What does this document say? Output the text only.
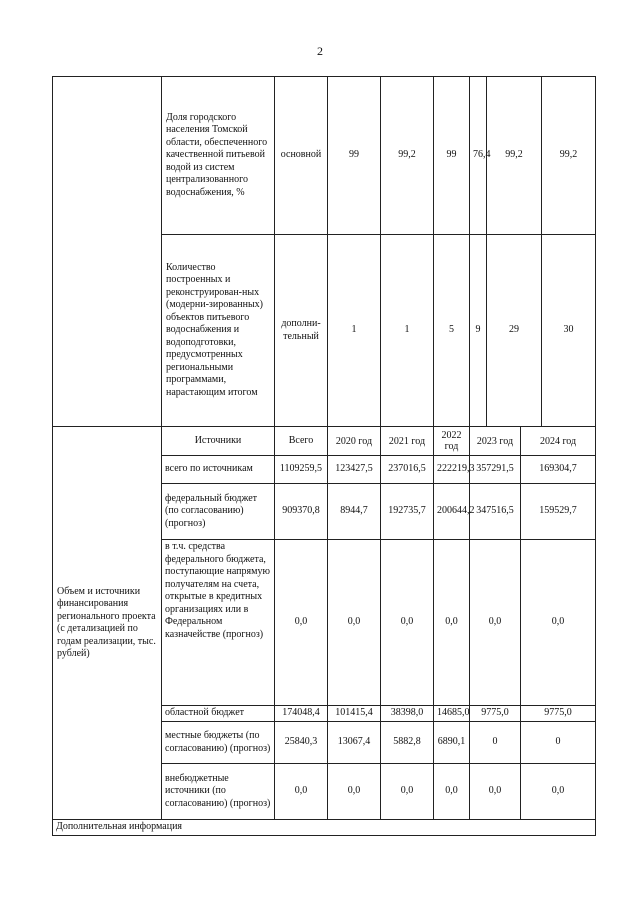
2
	Доля городского населения Томской области, обеспеченного качественной питьевой водой из систем централизованного водоснабжения, %	основной	99	99,2	99	76,4	99,2		99,2
	Количество построенных и реконструирован-ных (модерни-зированных) объектов питьевого водоснабжения и водоподготовки, предусмотренных региональными программами, нарастающим итогом	дополни-тельный	1	1	5	9	29		30
Объем и источники финансирования регионального проекта (с детализацией по годам реализации, тыс. рублей)	Источники	Всего	2020 год	2021 год	2022 год	2023 год		2024 год	
	всего по источникам	1109259,5	123427,5	237016,5	222219,3	357291,5		169304,7	
	федеральный бюджет (по согласованию) (прогноз)	909370,8	8944,7	192735,7	200644,2	347516,5		159529,7	
	в т.ч. средства федерального бюджета, поступающие напрямую получателям на счета, открытые в кредитных организациях или в Федеральном казначействе (прогноз)	0,0	0,0	0,0	0,0	0,0		0,0	
	областной бюджет	174048,4	101415,4	38398,0	14685,0	9775,0		9775,0	
	местные бюджеты (по согласованию) (прогноз)	25840,3	13067,4	5882,8	6890,1	0		0	
	внебюджетные источники (по согласованию) (прогноз)	0,0	0,0	0,0	0,0	0,0		0,0	
Дополнительная информация									
